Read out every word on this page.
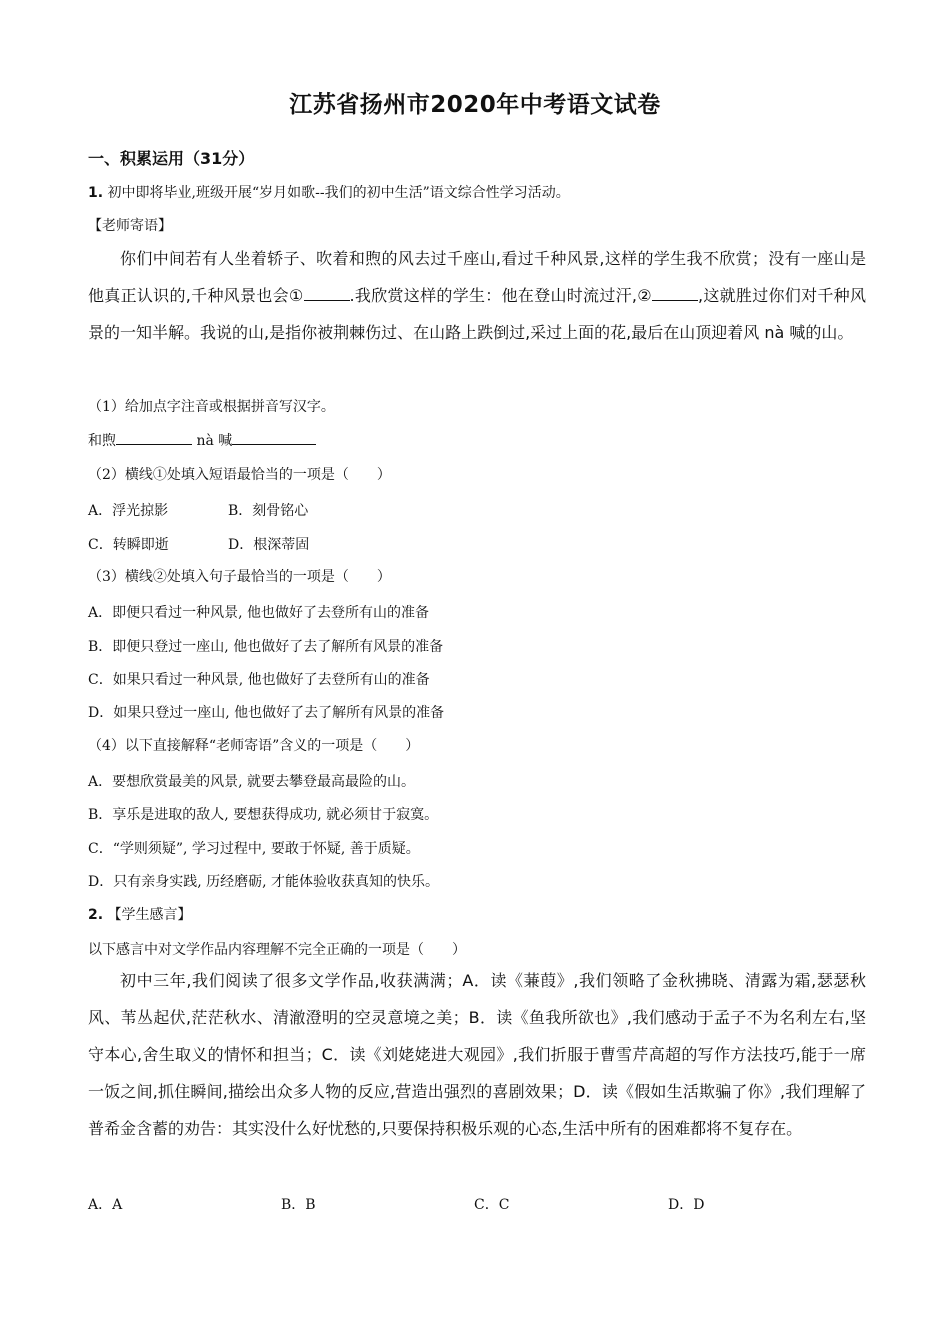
江苏省扬州市2020年中考语文试卷
一、积累运用（31分）
1. 初中即将毕业,班级开展“岁月如歌--我们的初中生活”语文综合性学习活动。
【老师寄语】
你们中间若有人坐着轿子、吹着和煦的风去过千座山,看过千种风景,这样的学生我不欣赏；没有一座山是他真正认识的,千种风景也会①	.我欣赏这样的学生：他在登山时流过汗,②	,这就胜过你们对千种风景的一知半解。我说的山,是指你被荆棘伤过、在山路上跌倒过,采过上面的花,最后在山顶迎着风 nà 喊的山。
（1）给加点字注音或根据拼音写汉字。
和煦	nà 喊
（2）横线①处填入短语最恰当的一项是（　　）
A．浮光掠影	B．刻骨铭心
C．转瞬即逝	D．根深蒂固
（3）横线②处填入句子最恰当的一项是（　　）
A．即便只看过一种风景, 他也做好了去登所有山的准备
B．即便只登过一座山, 他也做好了去了解所有风景的准备
C．如果只看过一种风景, 他也做好了去登所有山的准备
D．如果只登过一座山, 他也做好了去了解所有风景的准备
（4）以下直接解释“老师寄语”含义的一项是（　　）
A．要想欣赏最美的风景, 就要去攀登最高最险的山。
B．享乐是进取的敌人, 要想获得成功, 就必须甘于寂寞。
C．“学则须疑”, 学习过程中, 要敢于怀疑, 善于质疑。
D．只有亲身实践, 历经磨砺, 才能体验收获真知的快乐。
2. 【学生感言】
以下感言中对文学作品内容理解不完全正确的一项是（　　）
初中三年,我们阅读了很多文学作品,收获满满；A．读《蒹葭》,我们领略了金秋拂晓、清露为霜,瑟瑟秋风、苇丛起伏,茫茫秋水、清澈澄明的空灵意境之美；B．读《鱼我所欲也》,我们感动于孟子不为名利左右,坚守本心,舍生取义的情怀和担当；C．读《刘姥姥进大观园》,我们折服于曹雪芹高超的写作方法技巧,能于一席一饭之间,抓住瞬间,描绘出众多人物的反应,营造出强烈的喜剧效果；D．读《假如生活欺骗了你》,我们理解了普希金含蓄的劝告：其实没什么好忧愁的,只要保持积极乐观的心态,生活中所有的困难都将不复存在。
A．A	B．B	C．C	D．D
